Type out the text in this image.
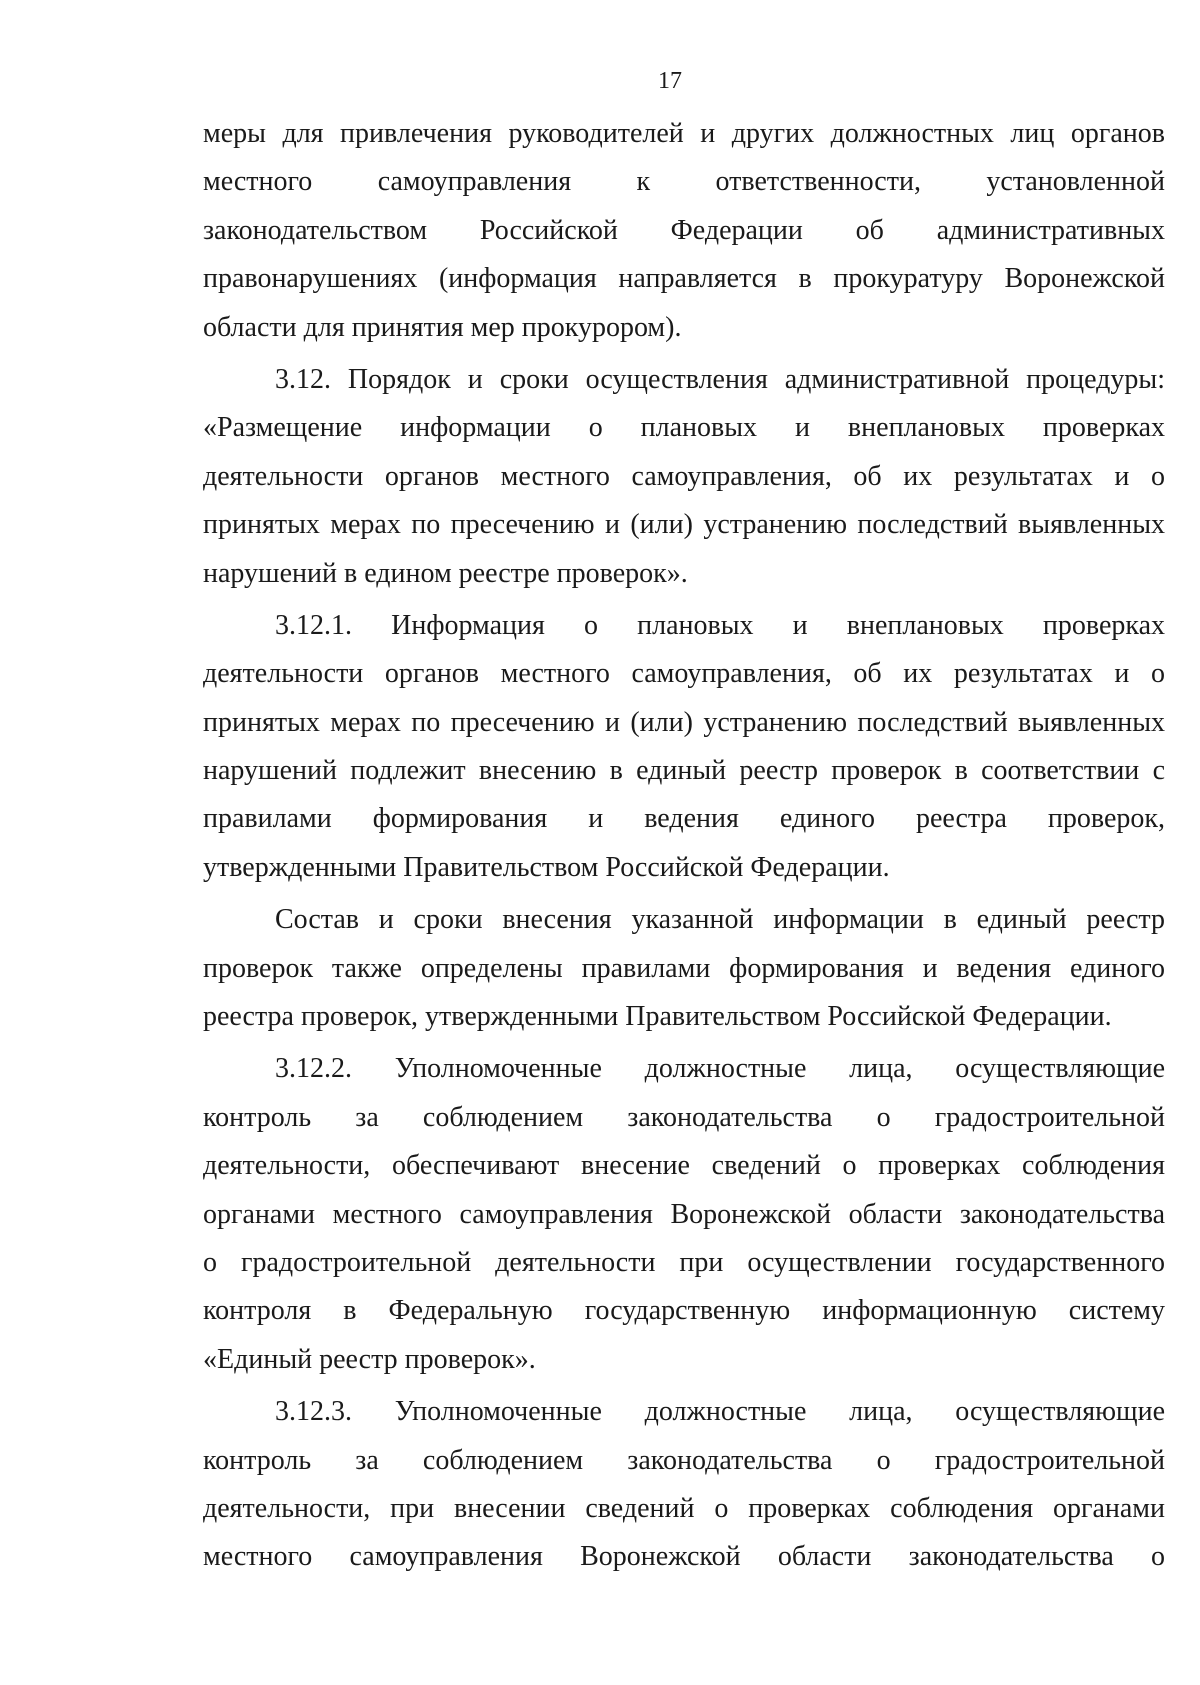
17
меры для привлечения руководителей и других должностных лиц органов
местного самоуправления к ответственности, установленной
законодательством Российской Федерации об административных
правонарушениях (информация направляется в прокуратуру Воронежской
области для принятия мер прокурором).
3.12. Порядок и сроки осуществления административной процедуры:
«Размещение информации о плановых и внеплановых проверках
деятельности органов местного самоуправления, об их результатах и о
принятых мерах по пресечению и (или) устранению последствий выявленных
нарушений в едином реестре проверок».
3.12.1. Информация о плановых и внеплановых проверках
деятельности органов местного самоуправления, об их результатах и о
принятых мерах по пресечению и (или) устранению последствий выявленных
нарушений подлежит внесению в единый реестр проверок в соответствии с
правилами формирования и ведения единого реестра проверок,
утвержденными Правительством Российской Федерации.
Состав и сроки внесения указанной информации в единый реестр
проверок также определены правилами формирования и ведения единого
реестра проверок, утвержденными Правительством Российской Федерации.
3.12.2. Уполномоченные должностные лица, осуществляющие
контроль за соблюдением законодательства о градостроительной
деятельности, обеспечивают внесение сведений о проверках соблюдения
органами местного самоуправления Воронежской области законодательства
о градостроительной деятельности при осуществлении государственного
контроля в Федеральную государственную информационную систему
«Единый реестр проверок».
3.12.3. Уполномоченные должностные лица, осуществляющие
контроль за соблюдением законодательства о градостроительной
деятельности, при внесении сведений о проверках соблюдения органами
местного самоуправления Воронежской области законодательства о
